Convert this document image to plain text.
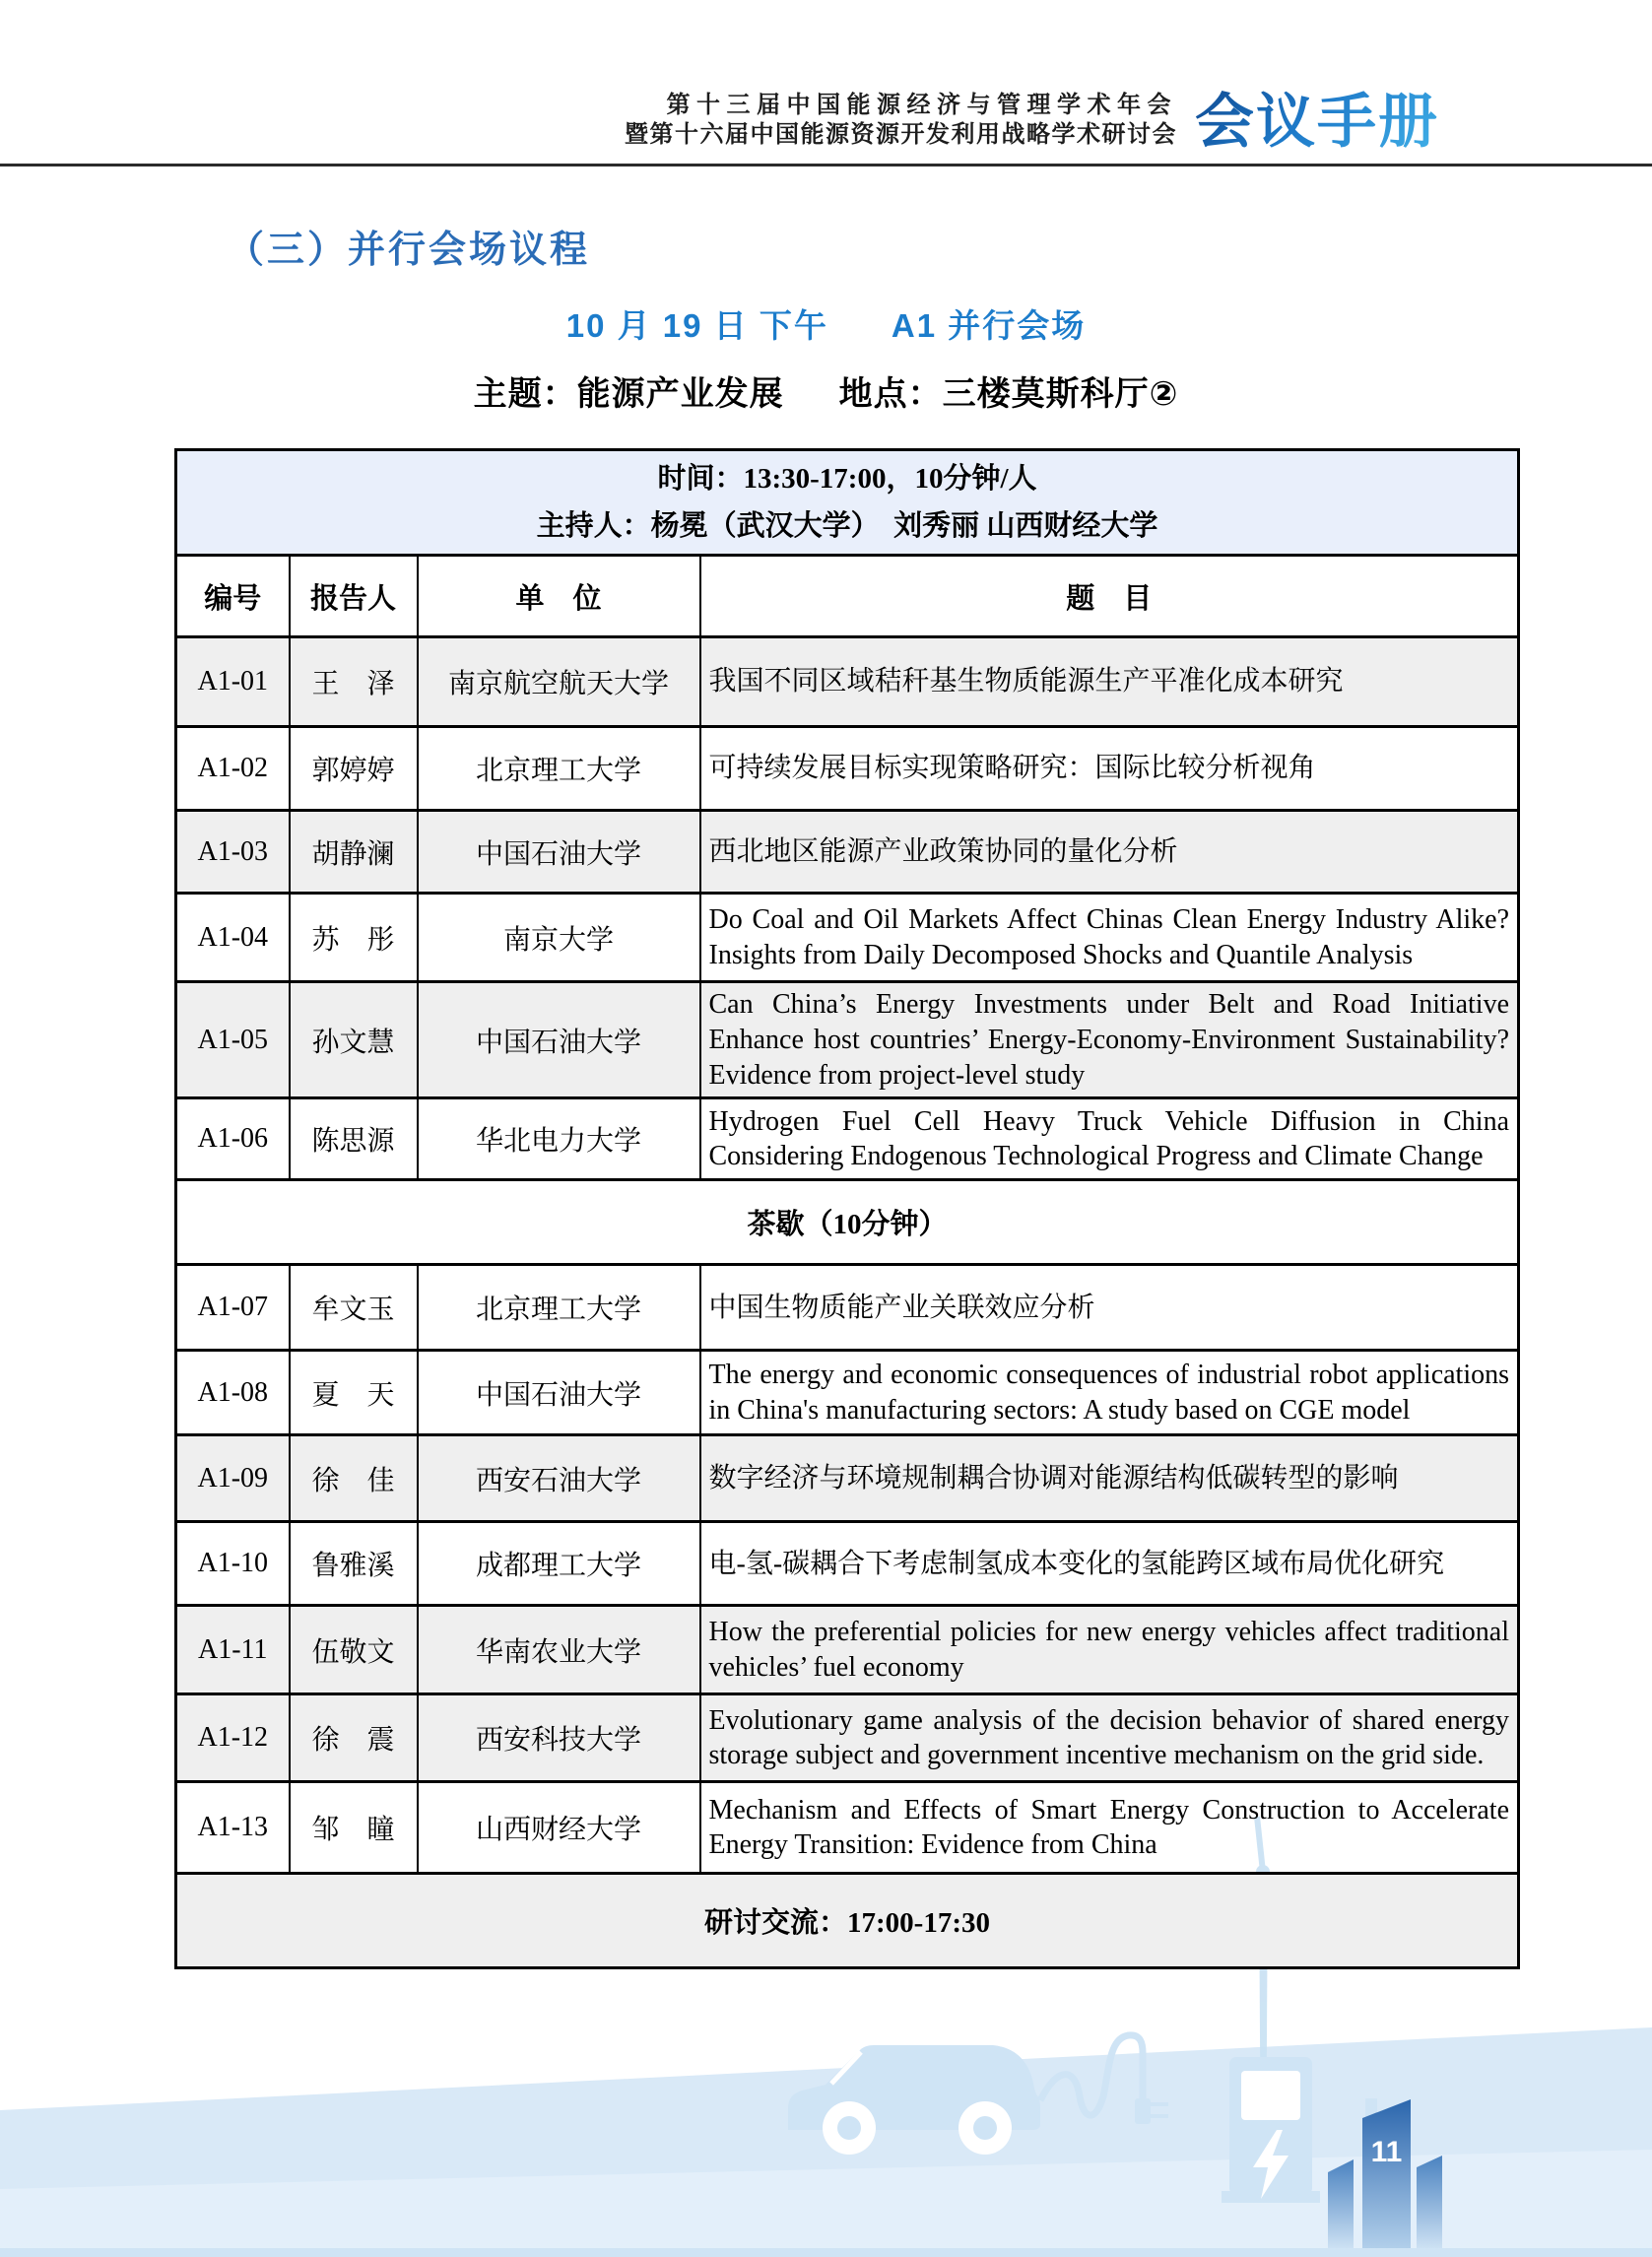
第十三届中国能源经济与管理学术年会
暨第十六届中国能源资源开发利用战略学术研讨会 会议手册
（三）并行会场议程
10 月 19 日 下午 A1 并行会场
主题：能源产业发展 地点：三楼莫斯科厅②
时间：13:30-17:00，10分钟/人
主持人：杨冕（武汉大学）　刘秀丽 山西财经大学			

编号	报告人	单　位	题　目
A1-01	王　泽	南京航空航天大学	我国不同区域秸秆基生物质能源生产平准化成本研究
A1-02	郭婷婷	北京理工大学	可持续发展目标实现策略研究：国际比较分析视角
A1-03	胡静澜	中国石油大学	西北地区能源产业政策协同的量化分析
A1-04	苏　彤	南京大学	Do Coal and Oil Markets Affect Chinas Clean Energy Industry Alike? Insights from Daily Decomposed Shocks and Quantile Analysis
A1-05	孙文慧	中国石油大学	Can China’s Energy Investments under Belt and Road Initiative Enhance host countries’ Energy-Economy-Environment Sustainability? Evidence from project-level study
A1-06	陈思源	华北电力大学	Hydrogen Fuel Cell Heavy Truck Vehicle Diffusion in China Considering Endogenous Technological Progress and Climate Change
茶歇（10分钟）			
A1-07	牟文玉	北京理工大学	中国生物质能产业关联效应分析
A1-08	夏　天	中国石油大学	The energy and economic consequences of industrial robot applications in China's manufacturing sectors: A study based on CGE model
A1-09	徐　佳	西安石油大学	数字经济与环境规制耦合协调对能源结构低碳转型的影响
A1-10	鲁雅溪	成都理工大学	电-氢-碳耦合下考虑制氢成本变化的氢能跨区域布局优化研究
A1-11	伍敬文	华南农业大学	How the preferential policies for new energy vehicles affect traditional vehicles’ fuel economy
A1-12	徐　震	西安科技大学	Evolutionary game analysis of the decision behavior of shared energy storage subject and government incentive mechanism on the grid side.
A1-13	邹　瞳	山西财经大学	Mechanism and Effects of Smart Energy Construction to Accelerate Energy Transition: Evidence from China
研讨交流：17:00-17:30			
11
